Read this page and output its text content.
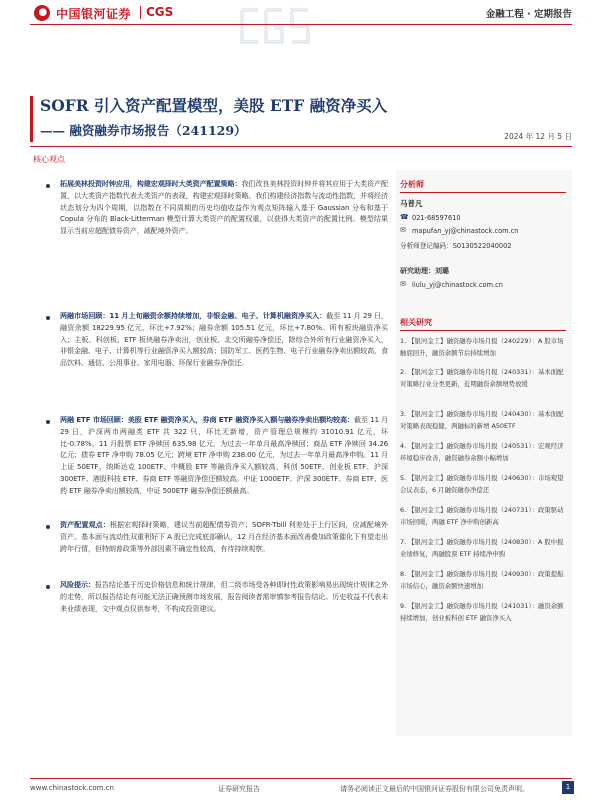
中国银河证券 CGS	金融工程 · 定期报告
SOFR 引入资产配置模型，美股 ETF 融资净买入
—— 融资融券市场报告（241129）	2024 年 12 月 5 日
核心观点
拓展美林投资时钟应用，构建宏观择时大类资产配置策略：我们改良美林投资时钟并将其应用于大类资产配置，以大类资产指数代表大类资产的表现，构建宏观择时策略。我们构建经济指数与流动性指数，并将经济状态划分为四个周期，以指数在不同周期的历史均值收益作为观点矩阵输入基于 Gaussian 分布和基于 Copula 分布的 Black-Litterman 模型计算大类资产的配置权重，以获得大类资产的配置比例。模型结果显示当前应超配债券资产，减配境外资产。
两融市场回顾：11 月上旬融资余额持续增加，非银金融、电子、计算机融资净买入：截至 11 月 29 日，融资余额 18229.95 亿元，环比+7.92%；融券余额 105.51 亿元，环比+7.80%。所有板块融资净买入；主板、科创板、ETF 板块融券净卖出，创业板、北交所融券净偿还，除综合外所有行业融资净买入，非银金融、电子、计算机等行业融资净买入额较高；国防军工、医药生物、电子行业融券净卖出额较高，食品饮料、通信、公用事业、家用电器、环保行业融券净偿还。
两融 ETF 市场回顾：美股 ETF 融资净买入，券商 ETF 融资净买入额与融券净卖出额均较高：截至 11 月 29 日，沪深两市两融类 ETF 共 322 只，环比无新增，资产管理总规模约 31010.91 亿元，环比-0.78%。11 月股票 ETF 净赎回 635.98 亿元，为过去一年单月最高净赎回；商品 ETF 净赎回 34.26 亿元；债券 ETF 净申购 78.05 亿元；跨境 ETF 净申购 238.00 亿元，为过去一年单月最高净申购。11 月上证 50ETF、纳斯达克 100ETF、中概股 ETF 等融资净买入额较高，科创 50ETF、创业板 ETF、沪深 300ETF、港股科技 ETF、券商 ETF 等融资净偿还额较高。中证 1000ETF、沪深 300ETF、券商 ETF、医药 ETF 融券净卖出额较高，中证 500ETF 融券净偿还额最高。
资产配置观点：根据宏观择时策略，建议当前超配债券资产；SOFR-Tbill 利差处于上行区间，应减配境外资产。基本面与流动性双重利好下 A 股已完成底部确认，12 月在经济基本面改善叠加政策催化下有望走出跨年行情，但特朗普政策等外部因素不确定性较高，有待持续观察。
风险提示：报告结论基于历史价格信息和统计规律，但二级市场受各种即时性政策影响易出现统计规律之外的走势，所以报告结论有可能无法正确预测市场发展，报告阅读者需审慎参考报告结论。历史收益不代表未来业绩表现，文中观点仅供参考，不构成投资建议。
分析师
马普凡
☎ 021-68597610
✉ mapufan_yj@chinastock.com.cn
分析师登记编码：S0130522040002
研究助理：刘璐
✉ liulu_yj@chinastock.com.cn
相关研究
1. 【银河金工】融资融券市场月报（240229）：A 股市场触底回升，融资余额节后持续增加
2. 【银河金工】融资融券市场月报（240331）：基本面配对策略行业分类更新，近期融资余额增势放缓
3. 【银河金工】融资融券市场月报（240430）：基本面配对策略表现稳健，两融标的新增 A50ETF
4. 【银河金工】融资融券市场月报（240531）：宏观经济环境稳步改善，融资融券余额小幅增加
5. 【银河金工】融资融券市场月报（240630）：市场观望会议表态，6 月融资融券净偿还
6. 【银河金工】融资融券市场月报（240731）：政策驱动市场回暖，两融 ETF 净申购创新高
7. 【银河金工】融资融券市场月报（240830）：A 股中报业绩修复，两融股票 ETF 持续净申购
8. 【银河金工】融资融券市场月报（240930）：政策提振市场信心，融资余额快速增加
9. 【银河金工】融资融券市场月报（241031）：融资余额持续增加，创业板科创 ETF 融资净买入
www.chinastock.com.cn	证券研究报告	请务必阅读正文最后的中国银河证券股份有限公司免责声明。	1
